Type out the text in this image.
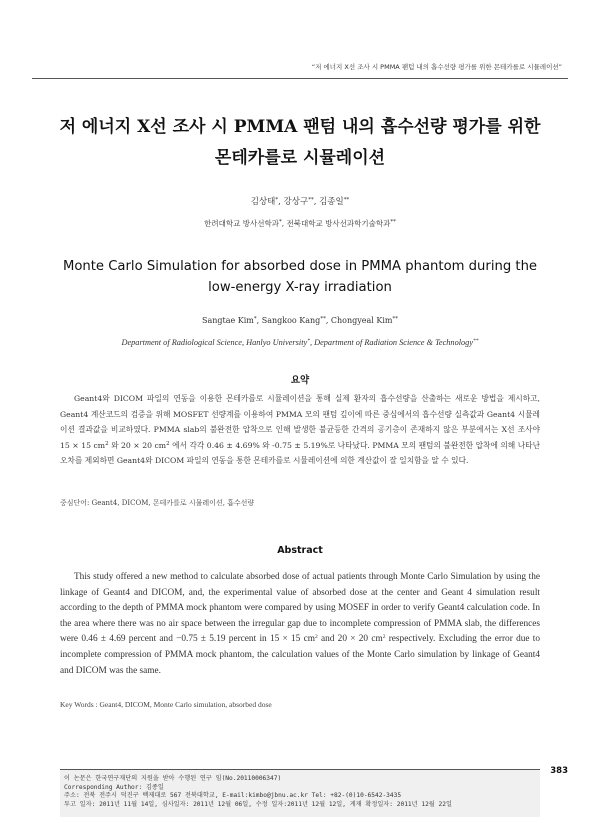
“저 에너지 X선 조사 시 PMMA 팬텀 내의 흡수선량 평가를 위한 몬테카를로 시뮬레이션”
저 에너지 X선 조사 시 PMMA 팬텀 내의 흡수선량 평가를 위한
몬테카를로 시뮬레이션
김상태*, 강상구**, 김종일**
한려대학교 방사선학과*, 전북대학교 방사선과학기술학과**
Monte Carlo Simulation for absorbed dose in PMMA phantom during the
low-energy X-ray irradiation
Sangtae Kim*, Sangkoo Kang**, Chongyeal Kim**
Department of Radiological Science, Hanlyo University*, Department of Radiation Science & Technology**
요약
Geant4와 DICOM 파일의 연동을 이용한 몬테카를로 시뮬레이션을 통해 실제 환자의 흡수선량을 산출하는 새로운 방법을 제시하고, Geant4 계산코드의 검증을 위해 MOSFET 선량계를 이용하여 PMMA 모의 팬텀 깊이에 따른 중심에서의 흡수선량 실측값과 Geant4 시뮬레이션 결과값을 비교하였다. PMMA slab의 불완전한 압착으로 인해 발생한 불균등한 간격의 공기층이 존재하지 않은 부분에서는 X선 조사야 15 × 15 $cm^2$ 와 20 × 20 $cm^2$ 에서 각각 0.46 ± 4.69% 와 -0.75 ± 5.19%로 나타났다. PMMA 모의 팬텀의 불완전한 압착에 의해 나타난 오차를 제외하면 Geant4와 DICOM 파일의 연동을 통한 몬테카를로 시뮬레이션에 의한 계산값이 잘 일치함을 알 수 있다.
중심단어: Geant4, DICOM, 몬테카를로 시뮬레이션, 흡수선량
Abstract
This study offered a new method to calculate absorbed dose of actual patients through Monte Carlo Simulation by using the linkage of Geant4 and DICOM, and, the experimental value of absorbed dose at the center and Geant 4 simulation result according to the depth of PMMA mock phantom were compared by using MOSEF in order to verify Geant4 calculation code. In the area where there was no air space between the irregular gap due to incomplete compression of PMMA slab, the differences were 0.46 ± 4.69 percent and −0.75 ± 5.19 percent in 15 × 15 $cm^2$ and 20 × 20 $cm^2$ respectively. Excluding the error due to incomplete compression of PMMA mock phantom, the calculation values of the Monte Carlo simulation by linkage of Geant4 and DICOM was the same.
Key Words : Geant4, DICOM, Monte Carlo simulation, absorbed dose
383
이 논문은 한국연구재단의 지원을 받아 수행된 연구 임(No.20110006347)
Corresponding Author: 김종일
주소: 전북 전주시 덕진구 백제대로 567 전북대학교, E-mail:kimbo@jbnu.ac.kr Tel: +82-(0)10-6542-3435
투고 일자: 2011년 11월 14일, 심사일자: 2011년 12월 06일, 수정 일자:2011년 12월 12일, 게재 확정일자: 2011년 12월 22일
